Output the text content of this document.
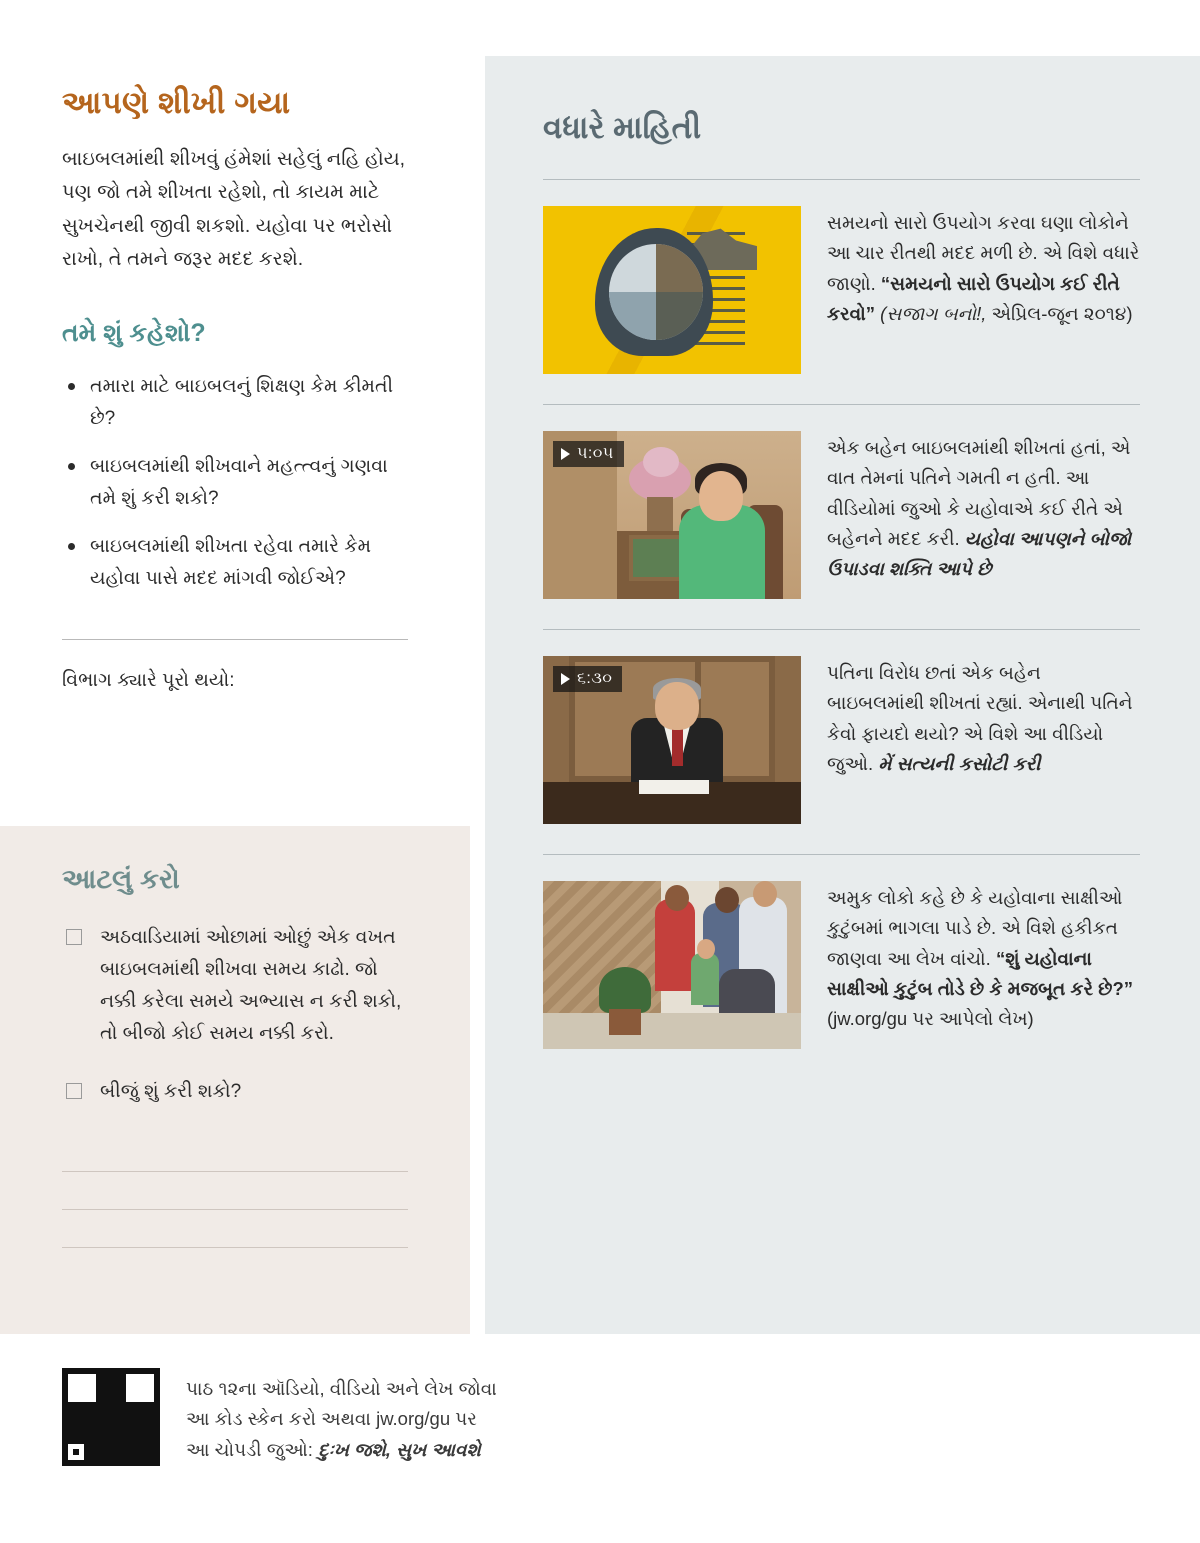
વધારે માહિતી
સમયનો સારો ઉપયોગ કરવા ઘણા લોકોને આ ચાર રીતથી મદદ મળી છે. એ વિશે વધારે જાણો. “સમયનો સારો ઉપયોગ કઈ રીતે કરવો” (સજાગ બનો!, એપ્રિલ-જૂન ૨૦૧૪)
૫:૦૫	એક બહેન બાઇબલમાંથી શીખતાં હતાં, એ વાત તેમનાં પતિને ગમતી ન હતી. આ વીડિયોમાં જુઓ કે યહોવાએ કઈ રીતે એ બહેનને મદદ કરી. યહોવા આપણને બોજો ઉપાડવા શક્તિ આપે છે
૬:૩૦	પતિના વિરોધ છતાં એક બહેન બાઇબલમાંથી શીખતાં રહ્યાં. એનાથી પતિને કેવો ફાયદો થયો? એ વિશે આ વીડિયો જુઓ. મેં સત્યની કસોટી કરી
અમુક લોકો કહે છે કે યહોવાના સાક્ષીઓ કુટુંબમાં ભાગલા પાડે છે. એ વિશે હકીકત જાણવા આ લેખ વાંચો. “શું યહોવાના સાક્ષીઓ કુટુંબ તોડે છે કે મજબૂત કરે છે?” (jw.org/gu પર આપેલો લેખ)
આપણે શીખી ગયા

બાઇબલમાંથી શીખવું હંમેશાં સહેલું નહિ હોય, પણ જો તમે શીખતા રહેશો, તો કાયમ માટે સુખચેનથી જીવી શકશો. યહોવા પર ભરોસો રાખો, તે તમને જરૂર મદદ કરશે.

તમે શું કહેશો?
તમારા માટે બાઇબલનું શિક્ષણ કેમ કીમતી છે?
બાઇબલમાંથી શીખવાને મહત્ત્વનું ગણવા તમે શું કરી શકો?
બાઇબલમાંથી શીખતા રહેવા તમારે કેમ યહોવા પાસે મદદ માંગવી જોઈએ?

વિભાગ ક્યારે પૂરો થયો:

આટલું કરો
અઠવાડિયામાં ઓછામાં ઓછું એક વખત બાઇબલમાંથી શીખવા સમય કાઢો. જો નક્કી કરેલા સમયે અભ્યાસ ન કરી શકો, તો બીજો કોઈ સમય નક્કી કરો.
બીજું શું કરી શકો?
પાઠ ૧૨ના ઑડિયો, વીડિયો અને લેખ જોવા
આ કોડ સ્કેન કરો અથવા jw.org/gu પર
આ ચોપડી જુઓ: દુઃખ જશે, સુખ આવશે
